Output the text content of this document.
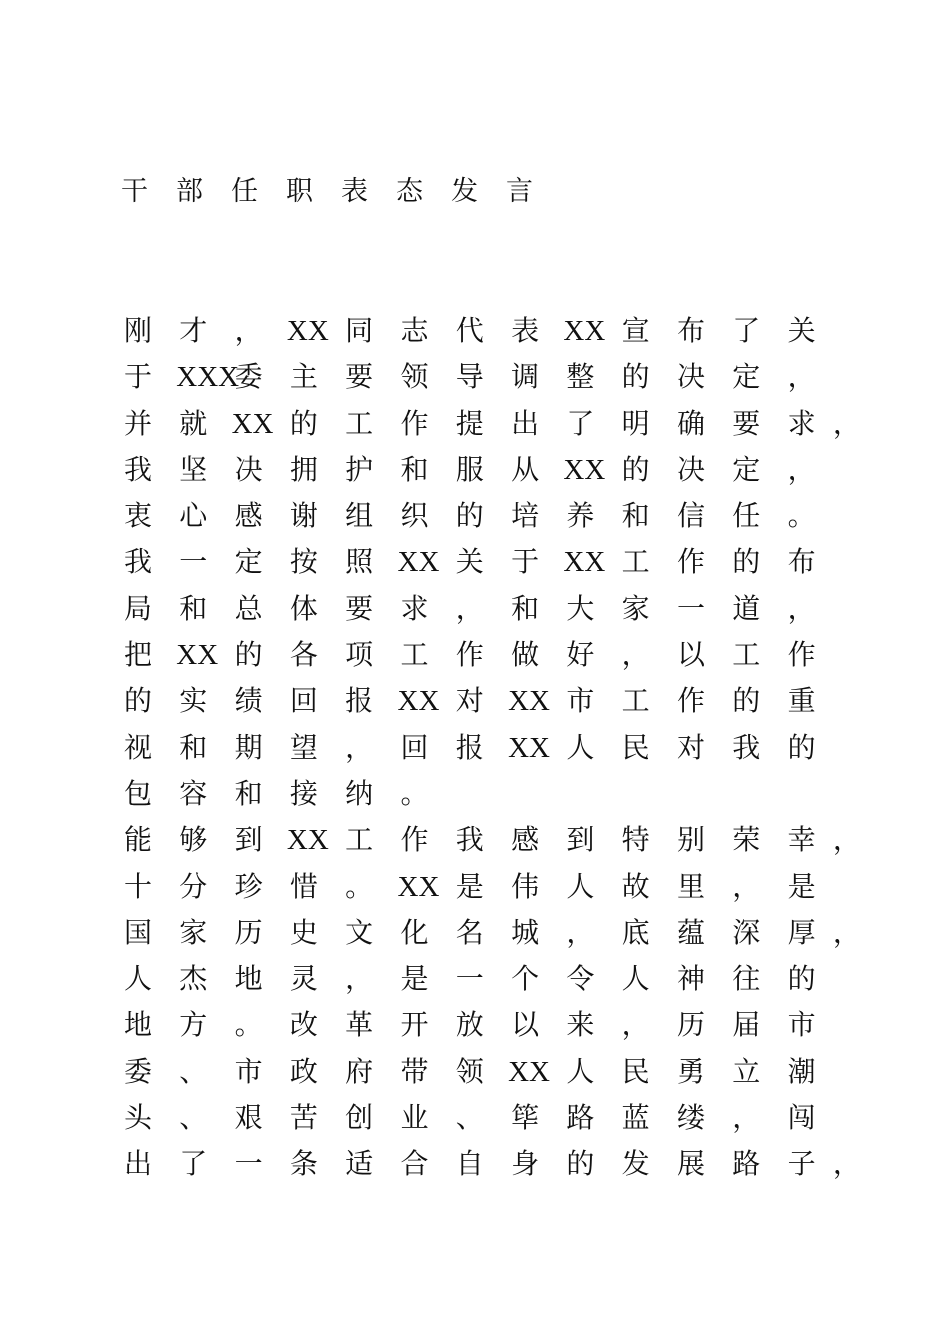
干	部	任	职	表	态	发	言
刚 才 ， XX 同 志 代 表 XX 宣 布 了 关
于 XXX
委 主 要 领 导 调 整 的 决 定 ，
并 就 XX 的 工 作 提 出 了 明 确 要 求 ，
我 坚 决 拥 护 和 服 从 XX 的 决 定 ，
衷 心 感 谢 组 织 的 培 养 和 信 任 。
我 一 定 按 照 XX 关 于 XX 工 作 的 布
局 和 总 体 要 求 ， 和 大 家 一 道 ，
把 XX 的 各 项 工 作 做 好 ， 以 工 作
的 实 绩 回 报 XX 对 XX 市 工 作 的 重
视 和 期 望 ， 回 报 XX 人 民 对 我 的
包 容 和 接 纳 。
能 够 到 XX 工 作 我 感 到 特 别 荣 幸 ，
十 分 珍 惜 。 XX 是 伟 人 故 里 ， 是
国 家 历 史 文 化 名 城 ， 底 蕴 深 厚 ，
人 杰 地 灵 ， 是 一 个 令 人 神 往 的
地 方 。 改 革 开 放 以 来 ， 历 届 市
委 、 市 政 府 带 领 XX 人 民 勇 立 潮
头 、 艰 苦 创 业 、 筚 路 蓝 缕 ， 闯
出 了 一 条 适 合 自 身 的 发 展 路 子 ，
